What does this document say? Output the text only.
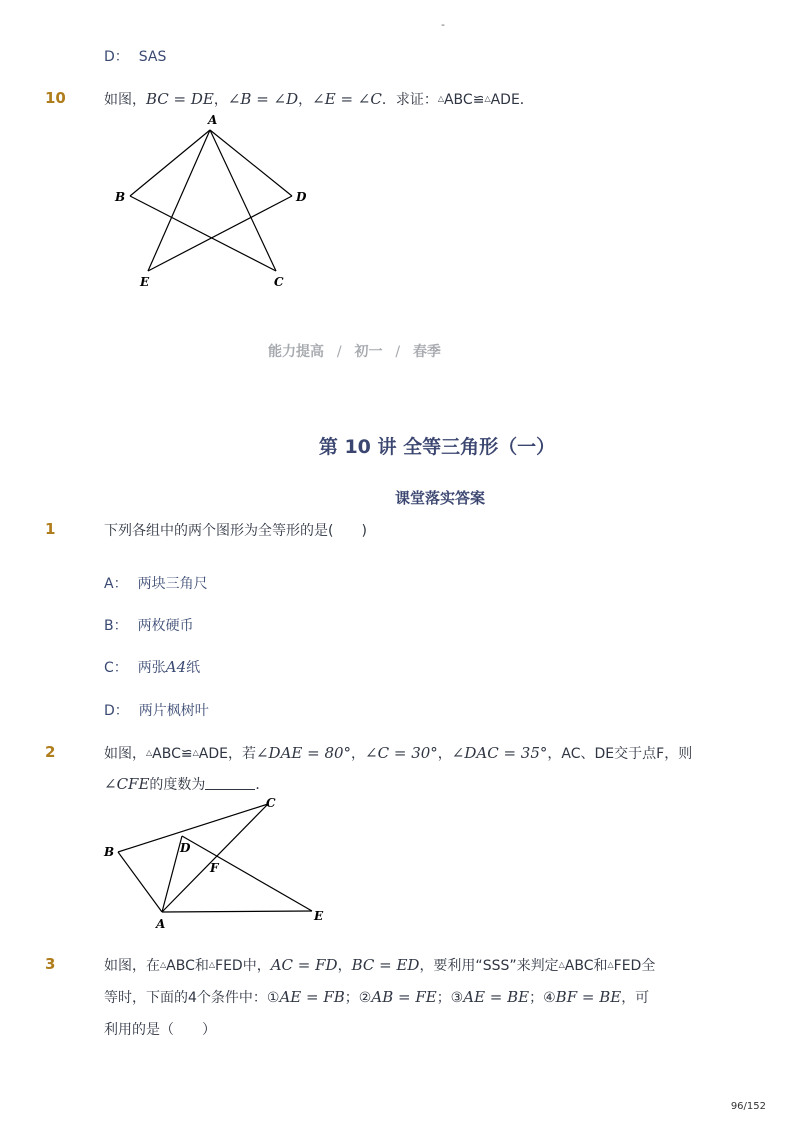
-
D： SAS
10	如图，BC = DE，∠B = ∠D，∠E = ∠C．求证：△ABC≌△ADE．
A
B	D
E	C
能力提高 / 初一 / 春季
第 10 讲 全等三角形（一）
课堂落实答案
1	下列各组中的两个图形为全等形的是(　　)
A： 两块三角尺
B： 两枚硬币
C： 两张A4纸
D： 两片枫树叶
2	如图，△ABC≌△ADE，若∠DAE = 80°，∠C = 30°，∠DAC = 35°，AC、DE交于点F，则
∠CFE的度数为	．
B
C
D
F
A
E
3	如图，在△ABC和△FED中，AC = FD，BC = ED，要利用“SSS”来判定△ABC和△FED全
等时，下面的4个条件中：①AE = FB；②AB = FE；③AE = BE；④BF = BE，可
利用的是（　　）
96/152
